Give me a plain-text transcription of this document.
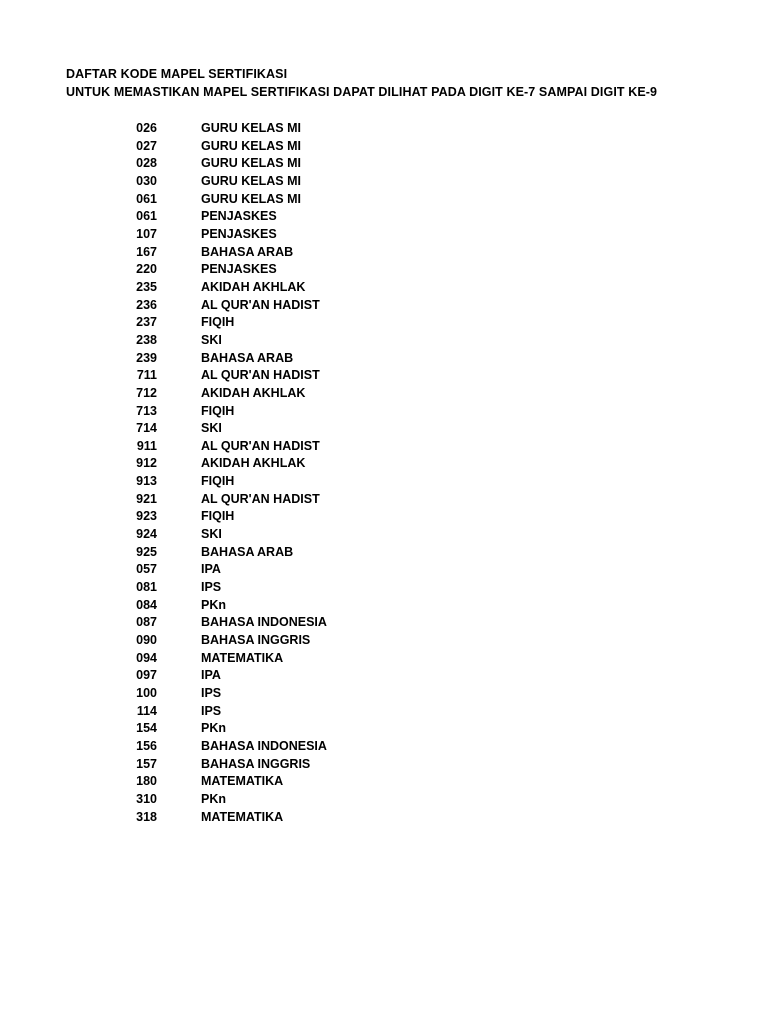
DAFTAR KODE MAPEL SERTIFIKASI
UNTUK MEMASTIKAN MAPEL SERTIFIKASI DAPAT DILIHAT PADA DIGIT KE-7 SAMPAI DIGIT KE-9
026	GURU KELAS MI
027	GURU KELAS MI
028	GURU KELAS MI
030	GURU KELAS MI
061	GURU KELAS MI
061	PENJASKES
107	PENJASKES
167	BAHASA ARAB
220	PENJASKES
235	AKIDAH AKHLAK
236	AL QUR'AN HADIST
237	FIQIH
238	SKI
239	BAHASA ARAB
711	AL QUR'AN HADIST
712	AKIDAH AKHLAK
713	FIQIH
714	SKI
911	AL QUR'AN HADIST
912	AKIDAH AKHLAK
913	FIQIH
921	AL QUR'AN HADIST
923	FIQIH
924	SKI
925	BAHASA ARAB
057	IPA
081	IPS
084	PKn
087	BAHASA INDONESIA
090	BAHASA INGGRIS
094	MATEMATIKA
097	IPA
100	IPS
114	IPS
154	PKn
156	BAHASA INDONESIA
157	BAHASA INGGRIS
180	MATEMATIKA
310	PKn
318	MATEMATIKA
